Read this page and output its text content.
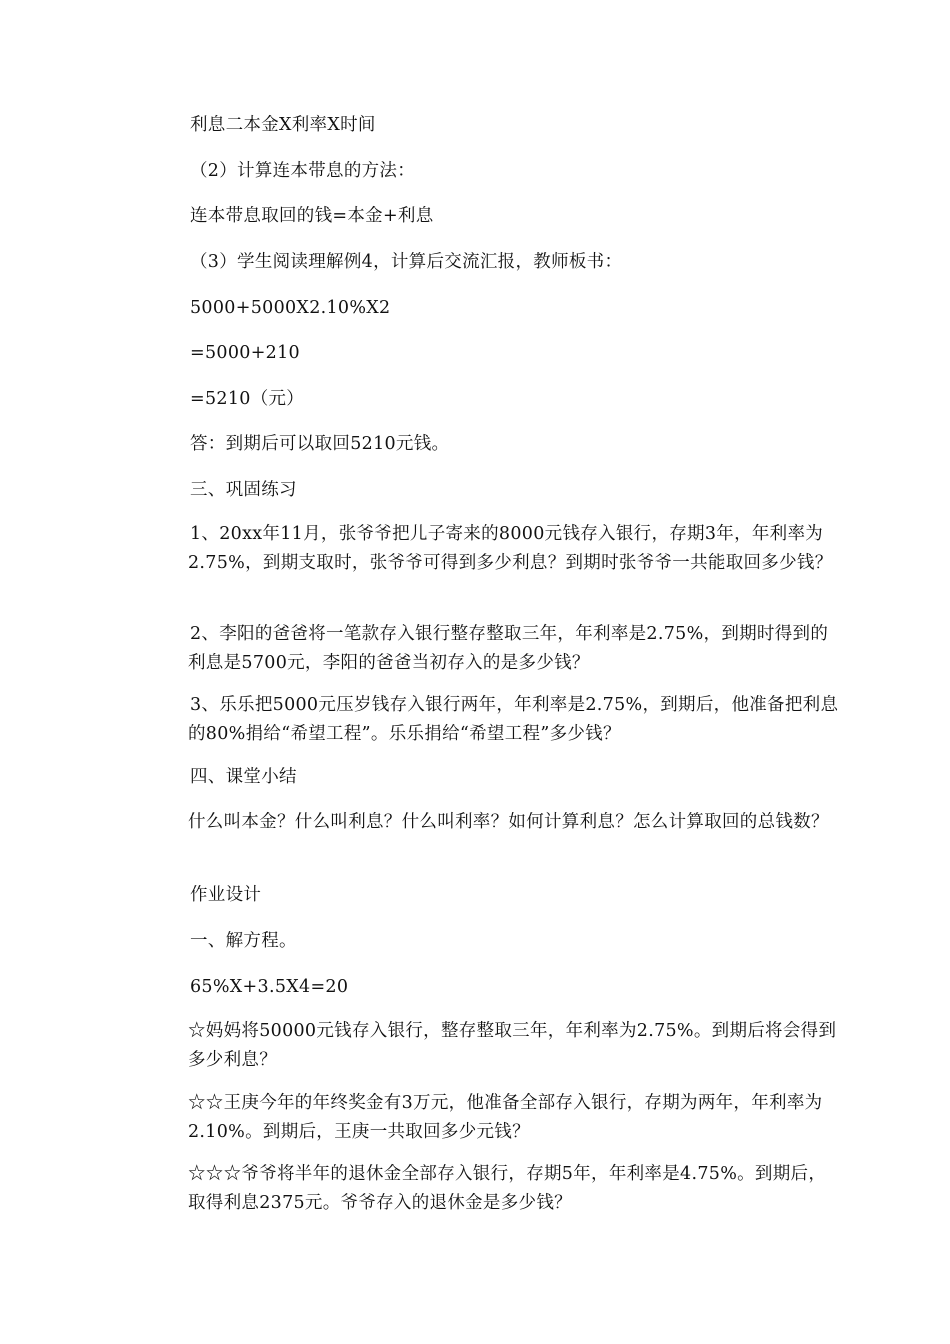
利息二本金X利率X时间
（2）计算连本带息的方法：
连本带息取回的钱=本金+利息
（3）学生阅读理解例4，计算后交流汇报，教师板书：
5000+5000X2.10%X2
=5000+210
=5210（元）
答：到期后可以取回5210元钱。
三、巩固练习
1、20xx年11月，张爷爷把儿子寄来的8000元钱存入银行，存期3年，年利率为2.75%，到期支取时，张爷爷可得到多少利息？到期时张爷爷一共能取回多少钱？
2、李阳的爸爸将一笔款存入银行整存整取三年，年利率是2.75%，到期时得到的利息是5700元，李阳的爸爸当初存入的是多少钱？
3、乐乐把5000元压岁钱存入银行两年，年利率是2.75%，到期后，他准备把利息的80%捐给“希望工程”。乐乐捐给“希望工程”多少钱？
四、课堂小结
什么叫本金？什么叫利息？什么叫利率？如何计算利息？怎么计算取回的总钱数？
作业设计
一、解方程。
65%X+3.5X4=20
☆妈妈将50000元钱存入银行，整存整取三年，年利率为2.75%。到期后将会得到多少利息？
☆☆王庚今年的年终奖金有3万元，他准备全部存入银行，存期为两年，年利率为2.10%。到期后，王庚一共取回多少元钱？
☆☆☆爷爷将半年的退休金全部存入银行，存期5年，年利率是4.75%。到期后，取得利息2375元。爷爷存入的退休金是多少钱？
